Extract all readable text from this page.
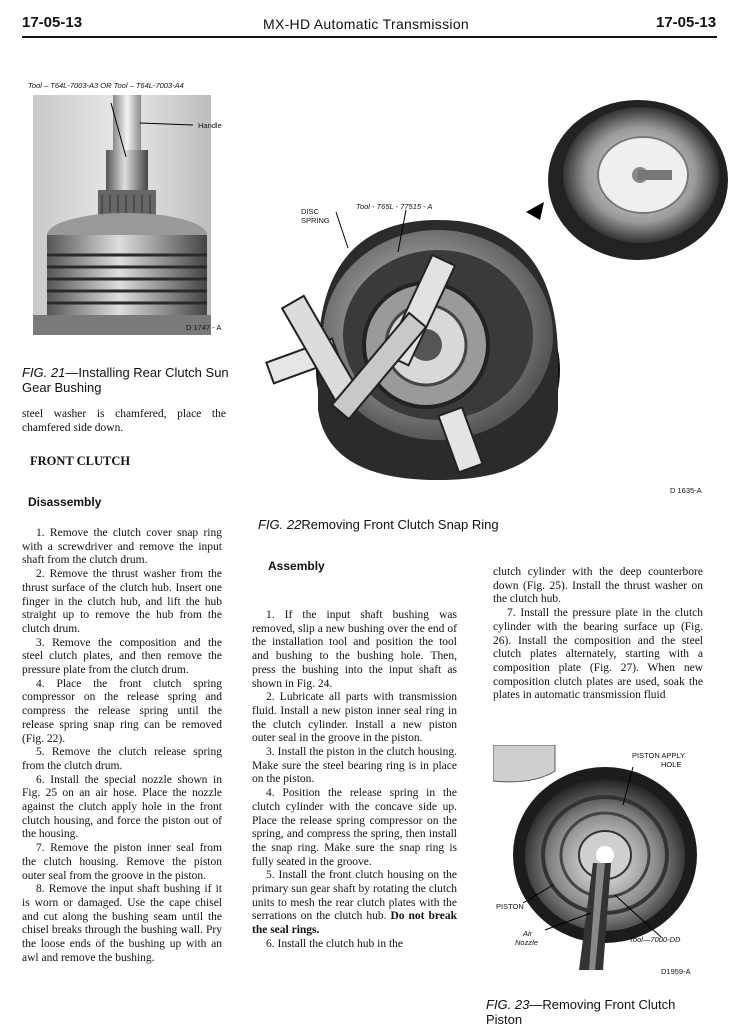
17-05-13	MX-HD Automatic Transmission	17-05-13
Tool – T64L-7003-A3 OR Tool – T64L-7003-A4
Handle
D 1747 - A
FIG. 21—Installing Rear Clutch Sun Gear Bushing
DISC
SPRING
Tool - T65L - 77515 - A
D 1635-A
FIG. 22Removing Front Clutch Snap Ring
steel washer is chamfered, place the chamfered side down.
FRONT CLUTCH
Disassembly

1. Remove the clutch cover snap ring with a screwdriver and remove the input shaft from the clutch drum.

2. Remove the thrust washer from the thrust surface of the clutch hub. Insert one finger in the clutch hub, and lift the hub straight up to remove the hub from the clutch drum.

3. Remove the composition and the steel clutch plates, and then remove the pressure plate from the clutch drum.

4. Place the front clutch spring compressor on the release spring and compress the release spring until the release spring snap ring can be removed (Fig. 22).

5. Remove the clutch release spring from the clutch drum.

6. Install the special nozzle shown in Fig. 25 on an air hose. Place the nozzle against the clutch apply hole in the front clutch housing, and force the piston out of the housing.

7. Remove the piston inner seal from the clutch housing. Remove the piston outer seal from the groove in the piston.

8. Remove the input shaft bushing if it is worn or damaged. Use the cape chisel and cut along the bushing seam until the chisel breaks through the bushing wall. Pry the loose ends of the bushing up with an awl and remove the bushing.

Assembly

1. If the input shaft bushing was removed, slip a new bushing over the end of the installation tool and position the tool and bushing to the bushing hole. Then, press the bushing into the input shaft as shown in Fig. 24.

2. Lubricate all parts with transmission fluid. Install a new piston inner seal ring in the clutch cylinder. Install a new piston outer seal in the groove in the piston.

3. Install the piston in the clutch housing. Make sure the steel bearing ring is in place on the piston.

4. Position the release spring in the clutch cylinder with the concave side up. Place the release spring compressor on the spring, and compress the spring, then install the snap ring. Make sure the snap ring is fully seated in the groove.

5. Install the front clutch housing on the primary sun gear shaft by rotating the clutch units to mesh the rear clutch plates with the serrations on the clutch hub. Do not break the seal rings.

6. Install the clutch hub in the

clutch cylinder with the deep counterbore down (Fig. 25). Install the thrust washer on the clutch hub.

7. Install the pressure plate in the clutch cylinder with the bearing surface up (Fig. 26). Install the composition and the steel clutch plates alternately, starting with a composition plate (Fig. 27). When new composition clutch plates are used, soak the plates in automatic transmission fluid

PISTON APPLY
HOLE
PISTON
Air
Nozzle	Tool—7000-DD
D1959-A
FIG. 23—Removing Front Clutch
Piston
